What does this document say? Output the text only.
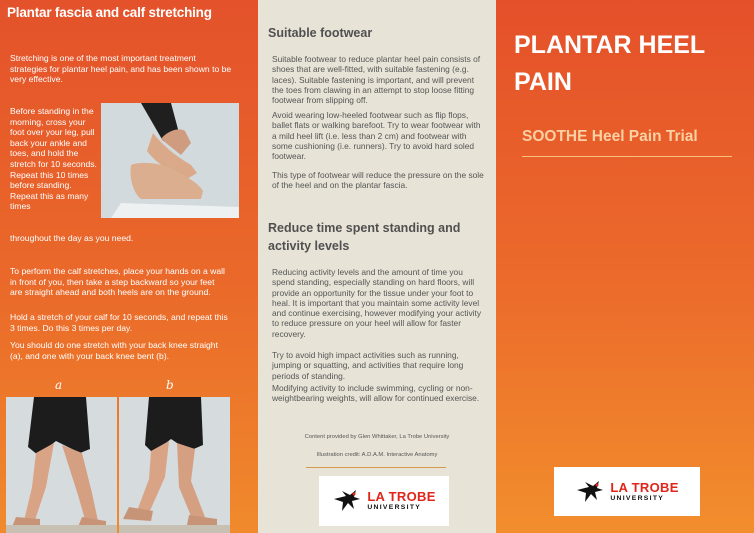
Plantar fascia and calf stretching

Stretching is one of the most important treatment strategies for plantar heel pain, and has been shown to be very effective.

Before standing in the morning, cross your foot over your leg, pull back your ankle and toes, and hold the stretch for 10 seconds. Repeat this 10 times before standing. Repeat this as many times

throughout the day as you need.

To perform the calf stretches, place your hands on a wall in front of you, then take a step backward so your feet are straight ahead and both heels are on the ground.

Hold a stretch of your calf for 10 seconds, and repeat this 3 times. Do this 3 times per day.

You should do one stretch with your back knee straight (a), and one with your back knee bent (b).

a	b
Suitable footwear

Suitable footwear to reduce plantar heel pain consists of shoes that are well-fitted, with suitable fastening (e.g. laces). Suitable fastening is important, and will prevent the toes from clawing in an attempt to stop loose fitting footwear from slipping off.

Avoid wearing low-heeled footwear such as flip flops, ballet flats or walking barefoot. Try to wear footwear with a mild heel lift (i.e. less than 2 cm) and footwear with some cushioning (i.e. runners). Try to avoid hard soled footwear.

This type of footwear will reduce the pressure on the sole of the heel and on the plantar fascia.

Reduce time spent standing and activity levels

Reducing activity levels and the amount of time you spend standing, especially standing on hard floors, will provide an opportunity for the tissue under your foot to heal. It is important that you maintain some activity level and continue exercising, however modifying your activity to reduce pressure on your heel will allow for faster recovery.

Try to avoid high impact activities such as running, jumping or squatting, and activities that require long periods of standing.

Modifying activity to include swimming, cycling or non-weightbearing weights, will allow for continued exercise.

Content provided by Glen Whittaker, La Trobe University

Illustration credit: A.D.A.M. Interactive Anatomy

LA TROBE
UNIVERSITY
PLANTAR HEEL PAIN
SOOTHE Heel Pain Trial
LA TROBE
UNIVERSITY
